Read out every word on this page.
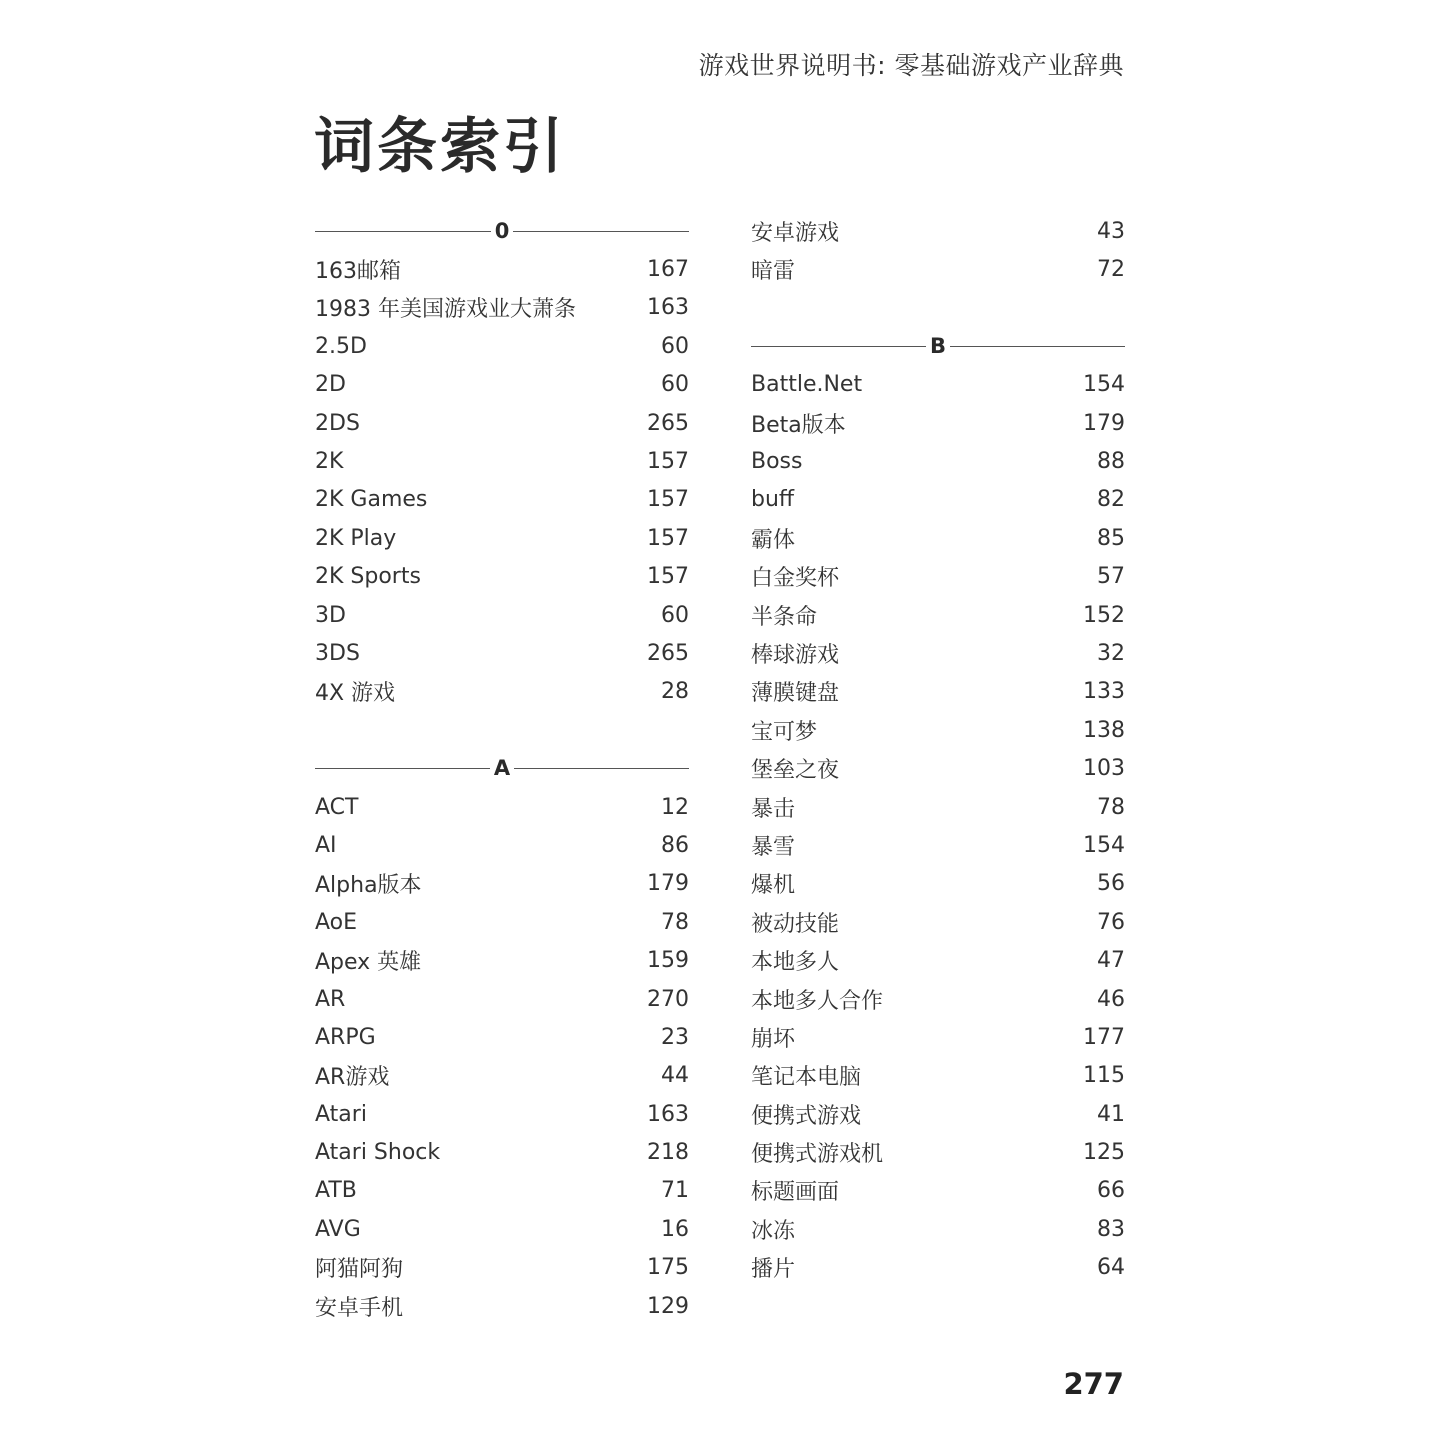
游戏世界说明书: 零基础游戏产业辞典
词条索引
0
163邮箱	167
1983 年美国游戏业大萧条	163
2.5D	60
2D	60
2DS	265
2K	157
2K Games	157
2K Play	157
2K Sports	157
3D	60
3DS	265
4X 游戏	28
A
ACT	12
AI	86
Alpha版本	179
AoE	78
Apex 英雄	159
AR	270
ARPG	23
AR游戏	44
Atari	163
Atari Shock	218
ATB	71
AVG	16
阿猫阿狗	175
安卓手机	129
安卓游戏	43
暗雷	72
B
Battle.Net	154
Beta版本	179
Boss	88
buff	82
霸体	85
白金奖杯	57
半条命	152
棒球游戏	32
薄膜键盘	133
宝可梦	138
堡垒之夜	103
暴击	78
暴雪	154
爆机	56
被动技能	76
本地多人	47
本地多人合作	46
崩坏	177
笔记本电脑	115
便携式游戏	41
便携式游戏机	125
标题画面	66
冰冻	83
播片	64
277
